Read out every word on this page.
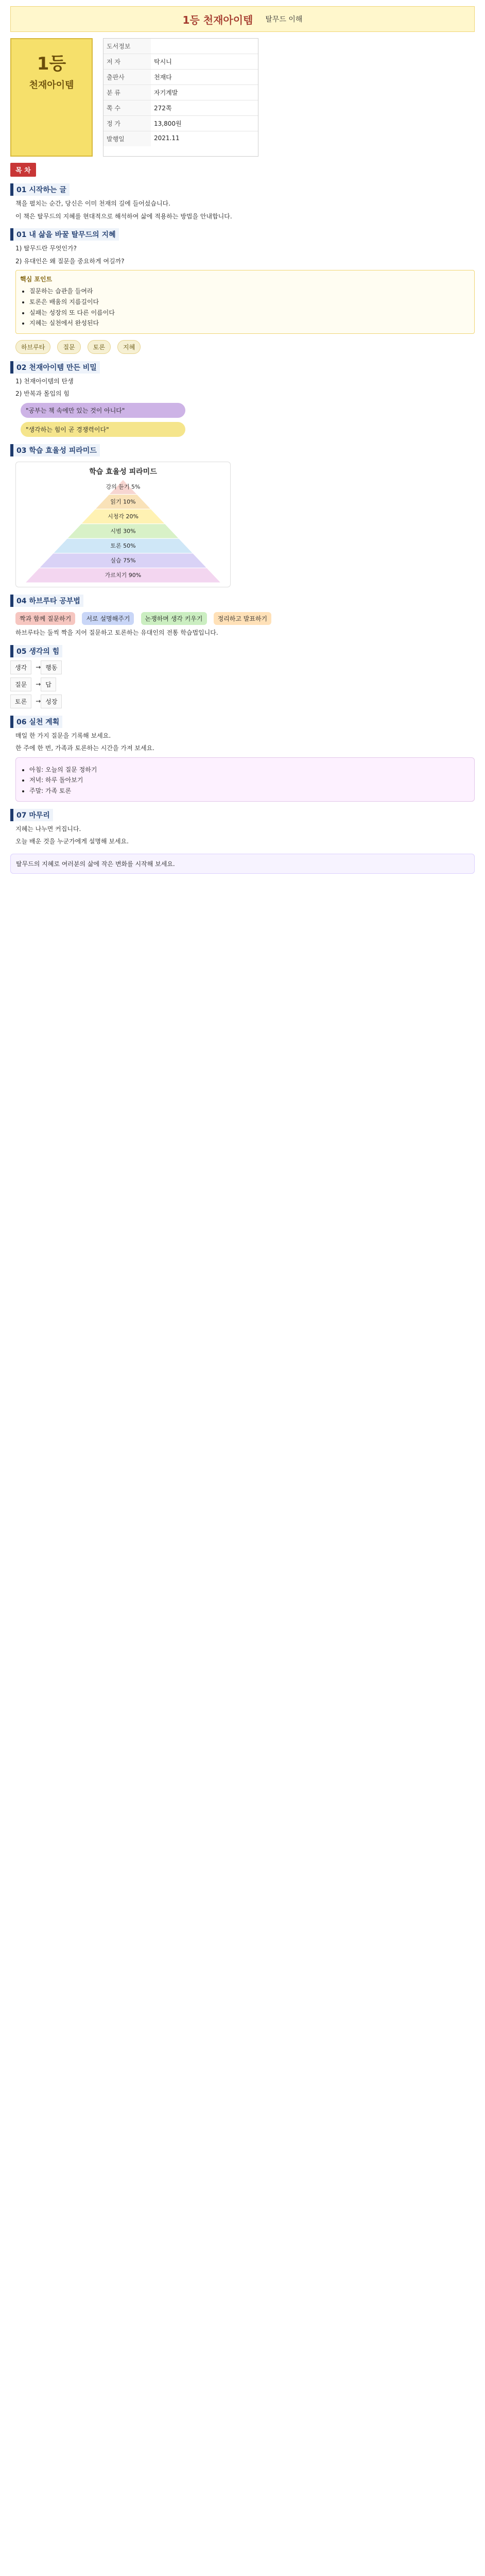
1등 천재아이템 탈무드 이해
1등
천재아이템
도서정보
저 자	탁시니
출판사	천재다
분 류	자기계발
쪽 수	272쪽
정 가	13,800원
발행일	2021.11
목 차
01 시작하는 글
책을 펼치는 순간, 당신은 이미 천재의 길에 들어섰습니다.
이 책은 탈무드의 지혜를 현대적으로 해석하여 삶에 적용하는 방법을 안내합니다.
01 내 삶을 바꿀 탈무드의 지혜
1) 탈무드란 무엇인가?
2) 유대인은 왜 질문을 중요하게 여길까?
핵심 포인트
• 질문하는 습관을 들여라
• 토론은 배움의 지름길이다
• 실패는 성장의 또 다른 이름이다
• 지혜는 실천에서 완성된다
하브루타	질문	토론	지혜
02 천재아이템 만든 비밀
1) 천재아이템의 탄생
2) 반복과 몰입의 힘
"공부는 책 속에만 있는 것이 아니다"
"생각하는 힘이 곧 경쟁력이다"
03 학습 효율성 피라미드
학습 효율성 피라미드
강의 듣기 5%
읽기 10%
시청각 20%
시범 30%
토론 50%
실습 75%
가르치기 90%
04 하브루타 공부법
짝과 함께 질문하기 서로 설명해주기 논쟁하며 생각 키우기 정리하고 발표하기
하브루타는 둘씩 짝을 지어 질문하고 토론하는 유대인의 전통 학습법입니다.
05 생각의 힘
생각	→ 행동
질문	→ 답
토론	→ 성장
06 실천 계획
매일 한 가지 질문을 기록해 보세요.
한 주에 한 번, 가족과 토론하는 시간을 가져 보세요.
• 아침: 오늘의 질문 정하기
• 저녁: 하루 돌아보기
• 주말: 가족 토론
07 마무리
지혜는 나누면 커집니다.
오늘 배운 것을 누군가에게 설명해 보세요.
탈무드의 지혜로 여러분의 삶에 작은 변화를 시작해 보세요.
